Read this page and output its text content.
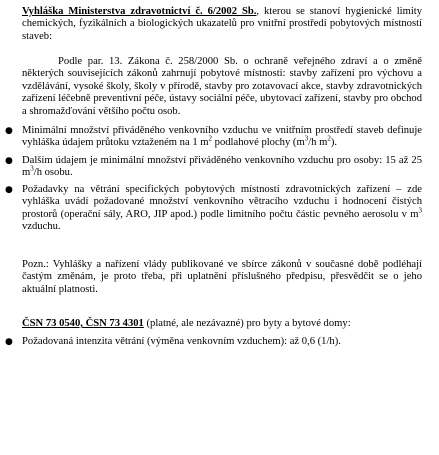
Vyhláška Ministerstva zdravotnictví č. 6/2002 Sb., kterou se stanoví hygienické limity chemických, fyzikálních a biologických ukazatelů pro vnitřní prostředí pobytových místností staveb:
Podle par. 13. Zákona č. 258/2000 Sb. o ochraně veřejného zdraví a o změně některých souvisejících zákonů zahrnují pobytové místnosti: stavby zařízení pro výchovu a vzdělávání, vysoké školy, školy v přírodě, stavby pro zotavovací akce, stavby zdravotnických zařízení léčebně preventivní péče, ústavy sociální péče, ubytovací zařízení, stavby pro obchod a shromažďování většího počtu osob.
● Minimální množství přiváděného venkovního vzduchu ve vnitřním prostředí staveb definuje vyhláška údajem průtoku vztaženém na 1 $m^2$ podlahové plochy ($m^3/h$ $m^2$).
● Dalším údajem je minimální množství přiváděného venkovního vzduchu pro osoby: 15 až 25 $m^3/h$ osobu.
● Požadavky na větrání specifických pobytových místností zdravotnických zařízení – zde vyhláška uvádí požadované množství venkovního větracího vzduchu i hodnocení čistých prostorů (operační sály, ARO, JIP apod.) podle limitního počtu částic pevného aerosolu v $m^3$ vzduchu.
Pozn.: Vyhlášky a nařízení vlády publikované ve sbírce zákonů v současné době podléhají častým změnám, je proto třeba, při uplatnění příslušného předpisu, přesvědčit se o jeho aktuální platnosti.
ČSN 73 0540, ČSN 73 4301 (platné, ale nezávazné) pro byty a bytové domy:
● Požadovaná intenzita větrání (výměna venkovním vzduchem): až 0,6 (1/h).
